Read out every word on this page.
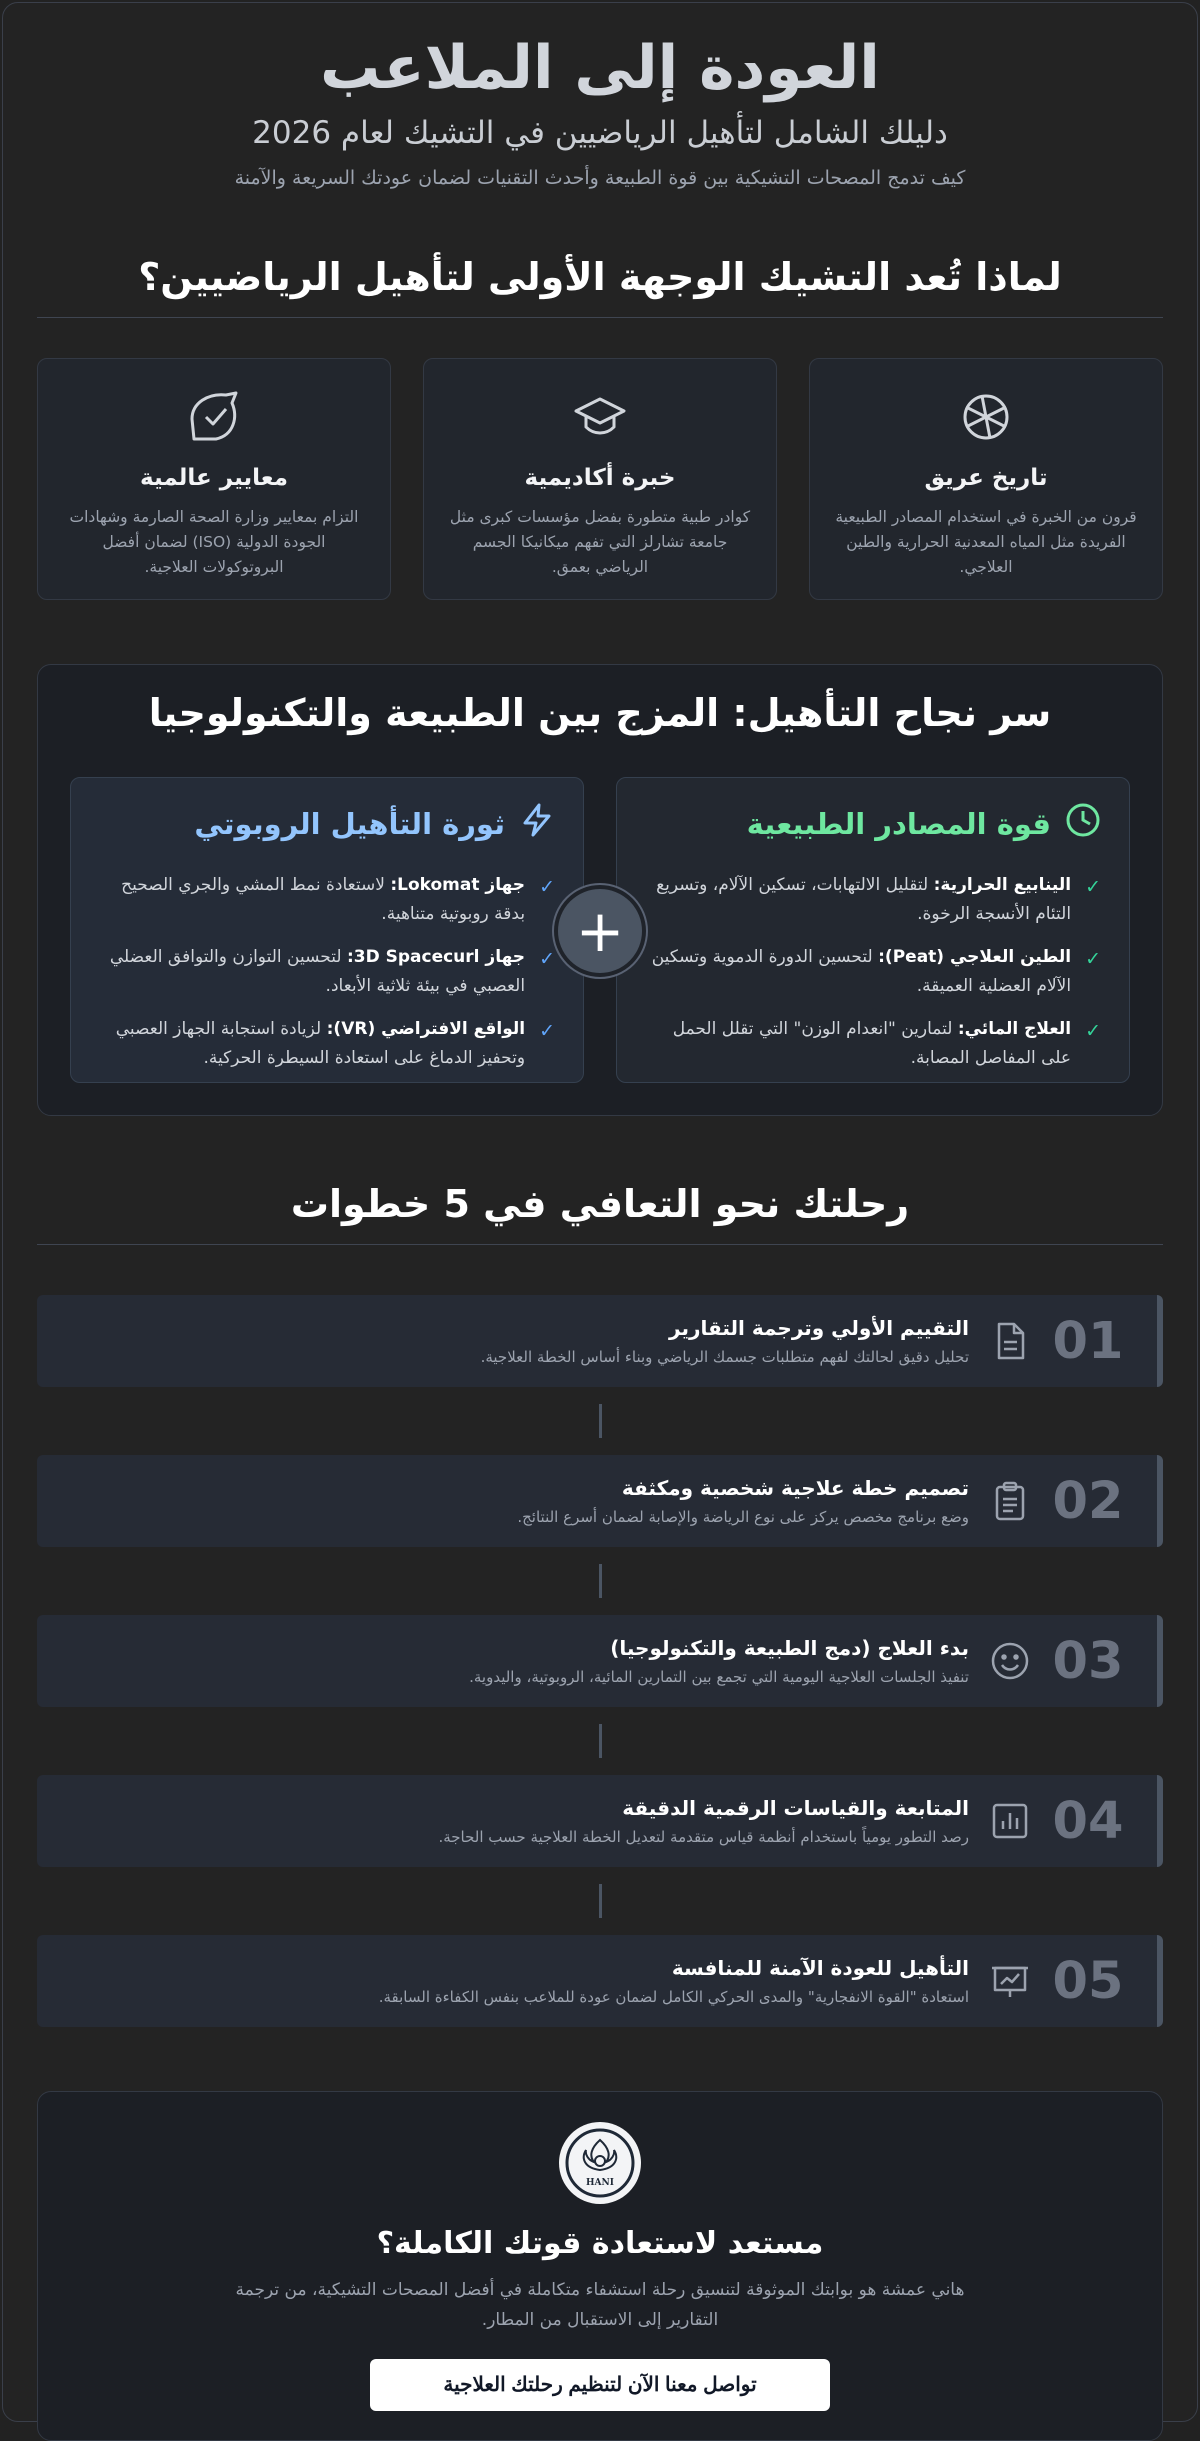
العودة إلى الملاعب
دليلك الشامل لتأهيل الرياضيين في التشيك لعام 2026

كيف تدمج المصحات التشيكية بين قوة الطبيعة وأحدث التقنيات لضمان عودتك السريعة والآمنة

لماذا تُعد التشيك الوجهة الأولى لتأهيل الرياضيين؟
تاريخ عريق

قرون من الخبرة في استخدام المصادر الطبيعية الفريدة مثل المياه المعدنية الحرارية والطين العلاجي.

خبرة أكاديمية

كوادر طبية متطورة بفضل مؤسسات كبرى مثل جامعة تشارلز التي تفهم ميكانيكا الجسم الرياضي بعمق.

معايير عالمية

التزام بمعايير وزارة الصحة الصارمة وشهادات الجودة الدولية (ISO) لضمان أفضل البروتوكولات العلاجية.

سر نجاح التأهيل: المزج بين الطبيعة والتكنولوجيا
قوة المصادر الطبيعية
✓
الينابيع الحرارية: لتقليل الالتهابات، تسكين الآلام، وتسريع التئام الأنسجة الرخوة.
✓
الطين العلاجي (Peat): لتحسين الدورة الدموية وتسكين الآلام العضلية العميقة.
✓
العلاج المائي: لتمارين "انعدام الوزن" التي تقلل الحمل على المفاصل المصابة.
ثورة التأهيل الروبوتي
✓
جهاز Lokomat: لاستعادة نمط المشي والجري الصحيح بدقة روبوتية متناهية.
✓
جهاز 3D Spacecurl: لتحسين التوازن والتوافق العضلي العصبي في بيئة ثلاثية الأبعاد.
✓
الواقع الافتراضي (VR): لزيادة استجابة الجهاز العصبي وتحفيز الدماغ على استعادة السيطرة الحركية.
+
رحلتك نحو التعافي في 5 خطوات
01
التقييم الأولي وترجمة التقارير

تحليل دقيق لحالتك لفهم متطلبات جسمك الرياضي وبناء أساس الخطة العلاجية.

02
تصميم خطة علاجية شخصية ومكثفة

وضع برنامج مخصص يركز على نوع الرياضة والإصابة لضمان أسرع النتائج.

03
بدء العلاج (دمج الطبيعة والتكنولوجيا)

تنفيذ الجلسات العلاجية اليومية التي تجمع بين التمارين المائية، الروبوتية، واليدوية.

04
المتابعة والقياسات الرقمية الدقيقة

رصد التطور يومياً باستخدام أنظمة قياس متقدمة لتعديل الخطة العلاجية حسب الحاجة.

05
التأهيل للعودة الآمنة للمنافسة

استعادة "القوة الانفجارية" والمدى الحركي الكامل لضمان عودة للملاعب بنفس الكفاءة السابقة.

HANI
مستعد لاستعادة قوتك الكاملة؟

هاني عمشة هو بوابتك الموثوقة لتنسيق رحلة استشفاء متكاملة في أفضل المصحات التشيكية، من ترجمة التقارير إلى الاستقبال من المطار.

تواصل معنا الآن لتنظيم رحلتك العلاجية
